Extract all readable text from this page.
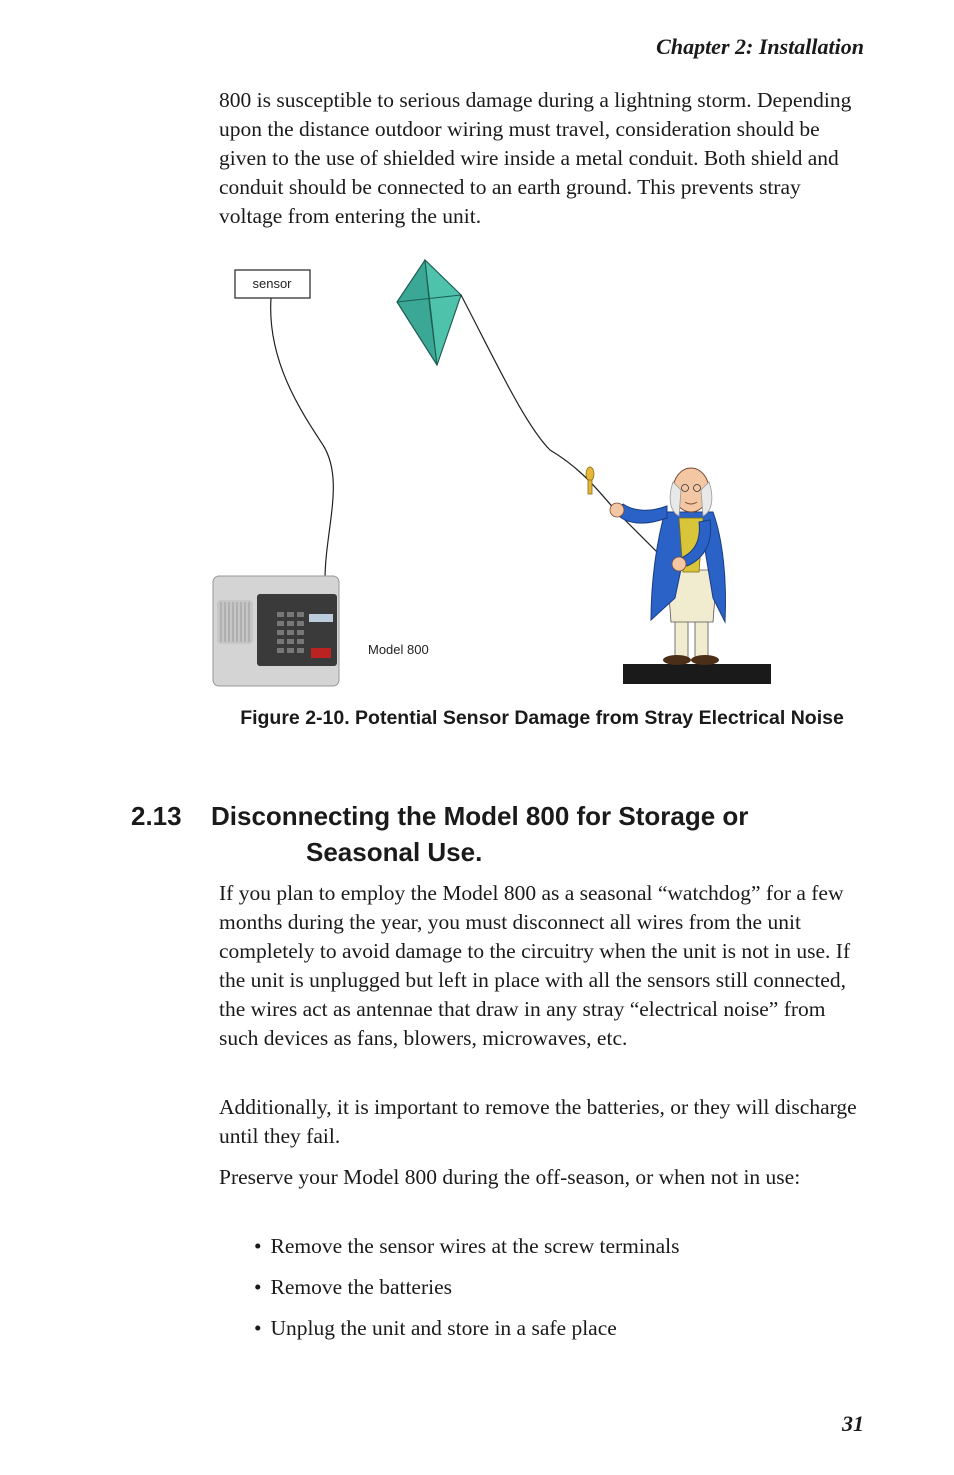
Chapter 2: Installation

800 is susceptible to serious damage during a lightning storm. Depending upon the distance outdoor wiring must travel, consideration should be given to the use of shielded wire inside a metal conduit. Both shield and conduit should be connected to an earth ground. This prevents stray voltage from entering the unit.

sensor
Model 800
Figure 2-10. Potential Sensor Damage from Stray Electrical Noise
2.13 Disconnecting the Model 800 for Storage or
Seasonal Use.

If you plan to employ the Model 800 as a seasonal “watchdog” for a few months during the year, you must disconnect all wires from the unit completely to avoid damage to the circuitry when the unit is not in use. If the unit is unplugged but left in place with all the sensors still connected, the wires act as antennae that draw in any stray “electrical noise” from such devices as fans, blowers, microwaves, etc.

Additionally, it is important to remove the batteries, or they will discharge until they fail.

Preserve your Model 800 during the off-season, or when not in use:

• Remove the sensor wires at the screw terminals
• Remove the batteries
• Unplug the unit and store in a safe place
31
